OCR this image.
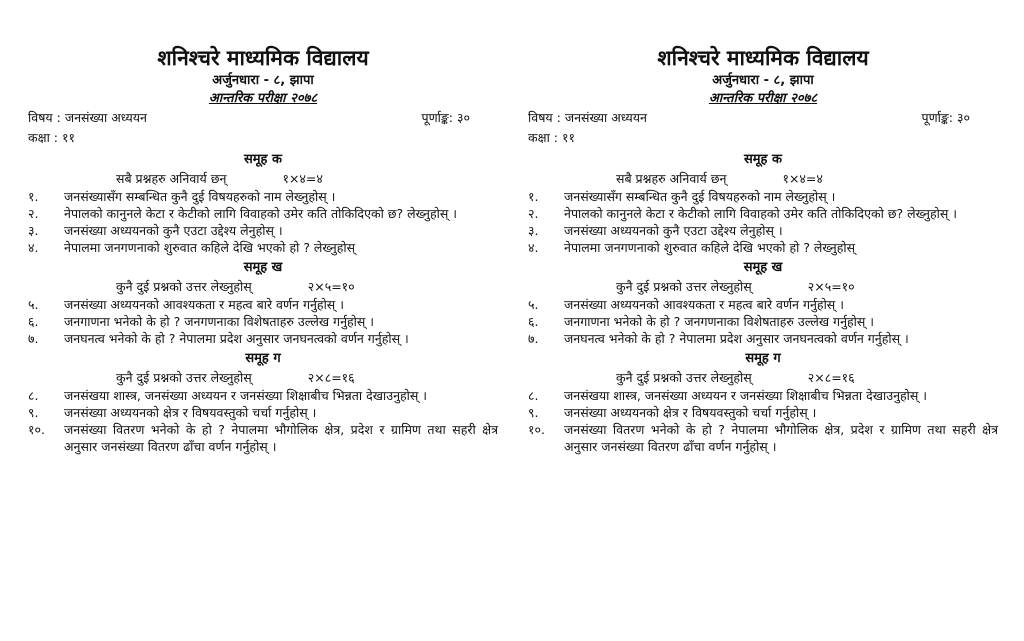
शनिश्चरे माध्यमिक विद्यालय
अर्जुनधारा - ८, झापा
आन्तरिक परीक्षा २०७८
विषय : जनसंख्या अध्ययन	पूर्णाङ्क: ३०
कक्षा : ११
समूह क
सबै प्रश्नहरु अनिवार्य छन्	१×४=४
१.	जनसंख्यासँग सम्बन्धित कुनै दुई विषयहरुको नाम लेख्नुहोस् ।
२.	नेपालको कानुनले केटा र केटीको लागि विवाहको उमेर कति तोकिदिएको छ? लेख्नुहोस् ।
३.	जनसंख्या अध्ययनको कुनै एउटा उद्देश्य लेनुहोस् ।
४.	नेपालमा जनगणनाको शुरुवात कहिले देखि भएको हो ? लेख्नुहोस्
समूह ख
कुनै दुई प्रश्नको उत्तर लेख्नुहोस्	२×५=१०
५.	जनसंख्या अध्ययनको आवश्यकता र महत्व बारे वर्णन गर्नुहोस् ।
६.	जनगाणना भनेको के हो ? जनगणनाका विशेषताहरु उल्लेख गर्नुहोस् ।
७.	जनघनत्व भनेको के हो ? नेपालमा प्रदेश अनुसार जनघनत्वको वर्णन गर्नुहोस् ।
समूह ग
कुनै दुई प्रश्नको उत्तर लेख्नुहोस्	२×८=१६
८.	जनसंखया शास्त्र, जनसंख्या अध्ययन र जनसंख्या शिक्षाबीच भिन्नता देखाउनुहोस् ।
९.	जनसंख्या अध्ययनको क्षेत्र र विषयवस्तुको चर्चा गर्नुहोस् ।
१०.	जनसंख्या वितरण भनेको के हो ? नेपालमा भौगोलिक क्षेत्र, प्रदेश र ग्रामिण तथा सहरी क्षेत्र अनुसार जनसंख्या वितरण ढाँचा वर्णन गर्नुहोस् ।
शनिश्चरे माध्यमिक विद्यालय
अर्जुनधारा - ८, झापा
आन्तरिक परीक्षा २०७८
विषय : जनसंख्या अध्ययन	पूर्णाङ्क: ३०
कक्षा : ११
समूह क
सबै प्रश्नहरु अनिवार्य छन्	१×४=४
१.	जनसंख्यासँग सम्बन्धित कुनै दुई विषयहरुको नाम लेख्नुहोस् ।
२.	नेपालको कानुनले केटा र केटीको लागि विवाहको उमेर कति तोकिदिएको छ? लेख्नुहोस् ।
३.	जनसंख्या अध्ययनको कुनै एउटा उद्देश्य लेनुहोस् ।
४.	नेपालमा जनगणनाको शुरुवात कहिले देखि भएको हो ? लेख्नुहोस्
समूह ख
कुनै दुई प्रश्नको उत्तर लेख्नुहोस्	२×५=१०
५.	जनसंख्या अध्ययनको आवश्यकता र महत्व बारे वर्णन गर्नुहोस् ।
६.	जनगाणना भनेको के हो ? जनगणनाका विशेषताहरु उल्लेख गर्नुहोस् ।
७.	जनघनत्व भनेको के हो ? नेपालमा प्रदेश अनुसार जनघनत्वको वर्णन गर्नुहोस् ।
समूह ग
कुनै दुई प्रश्नको उत्तर लेख्नुहोस्	२×८=१६
८.	जनसंखया शास्त्र, जनसंख्या अध्ययन र जनसंख्या शिक्षाबीच भिन्नता देखाउनुहोस् ।
९.	जनसंख्या अध्ययनको क्षेत्र र विषयवस्तुको चर्चा गर्नुहोस् ।
१०.	जनसंख्या वितरण भनेको के हो ? नेपालमा भौगोलिक क्षेत्र, प्रदेश र ग्रामिण तथा सहरी क्षेत्र अनुसार जनसंख्या वितरण ढाँचा वर्णन गर्नुहोस् ।
